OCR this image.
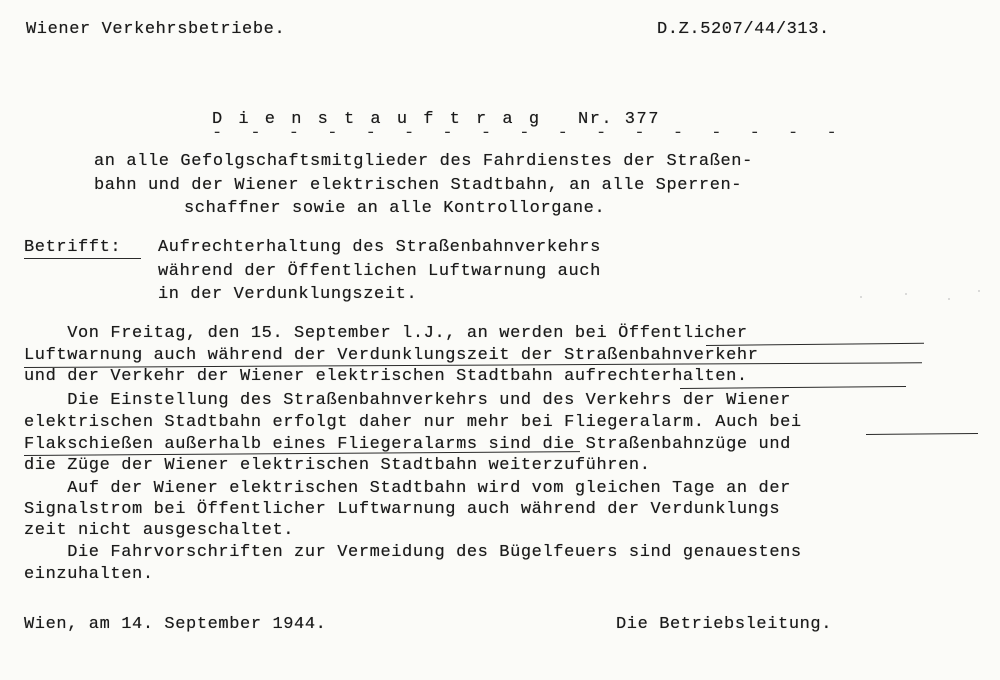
Wiener Verkehrsbetriebe.	D.Z.5207/44/313.
D i e n s t a u f t r a g Nr. 377
- - - - - - - - - - - - - - - - -
an alle Gefolgschaftsmitglieder des Fahrdienstes der Straßen-
bahn und der Wiener elektrischen Stadtbahn, an alle Sperren-
schaffner sowie an alle Kontrollorgane.
Betrifft: Aufrechterhaltung des Straßenbahnverkehrs
während der Öffentlichen Luftwarnung auch
in der Verdunklungszeit.
Von Freitag, den 15. September l.J., an werden bei Öffentlicher
Luftwarnung auch während der Verdunklungszeit der Straßenbahnverkehr
und der Verkehr der Wiener elektrischen Stadtbahn aufrechterhalten.
Die Einstellung des Straßenbahnverkehrs und des Verkehrs der Wiener
elektrischen Stadtbahn erfolgt daher nur mehr bei Fliegeralarm. Auch bei
Flakschießen außerhalb eines Fliegeralarms sind die Straßenbahnzüge und
die Züge der Wiener elektrischen Stadtbahn weiterzuführen.
Auf der Wiener elektrischen Stadtbahn wird vom gleichen Tage an der
Signalstrom bei Öffentlicher Luftwarnung auch während der Verdunklungs
zeit nicht ausgeschaltet.
Die Fahrvorschriften zur Vermeidung des Bügelfeuers sind genauestens
einzuhalten.
Wien, am 14. September 1944.	Die Betriebsleitung.
